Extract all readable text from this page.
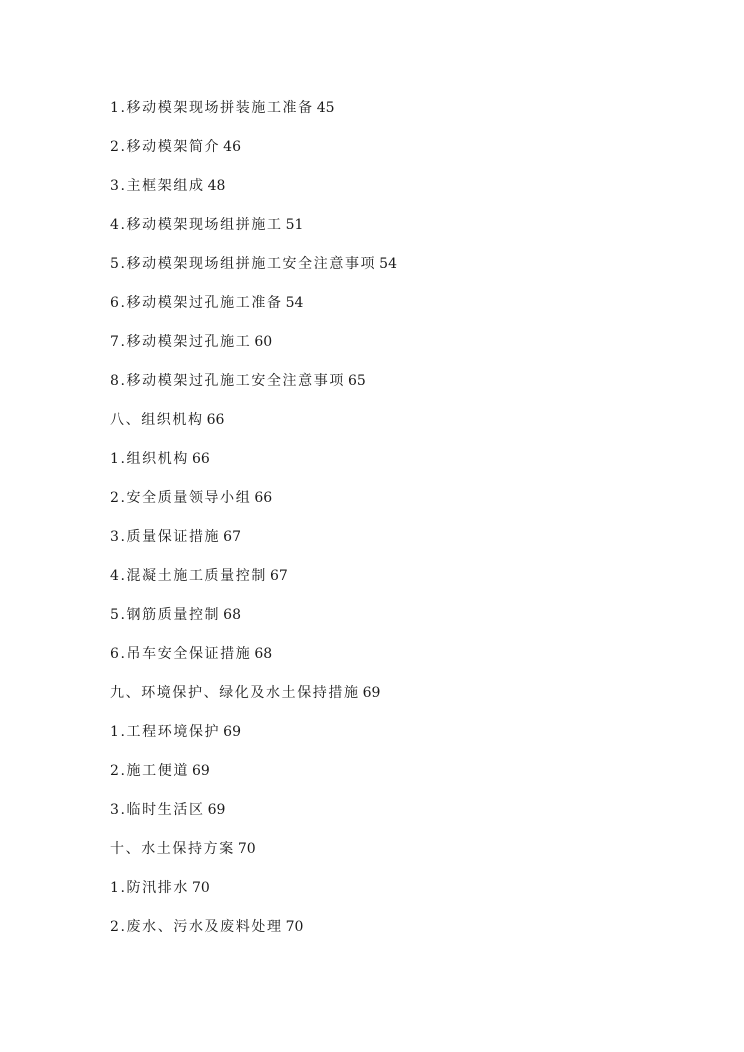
1.移动模架现场拼装施工准备 45
2.移动模架简介 46
3.主框架组成 48
4.移动模架现场组拼施工 51
5.移动模架现场组拼施工安全注意事项 54
6.移动模架过孔施工准备 54
7.移动模架过孔施工 60
8.移动模架过孔施工安全注意事项 65
八、组织机构 66
1.组织机构 66
2.安全质量领导小组 66
3.质量保证措施 67
4.混凝土施工质量控制 67
5.钢筋质量控制 68
6.吊车安全保证措施 68
九、环境保护、绿化及水土保持措施 69
1.工程环境保护 69
2.施工便道 69
3.临时生活区 69
十、水土保持方案 70
1.防汛排水 70
2.废水、污水及废料处理 70
